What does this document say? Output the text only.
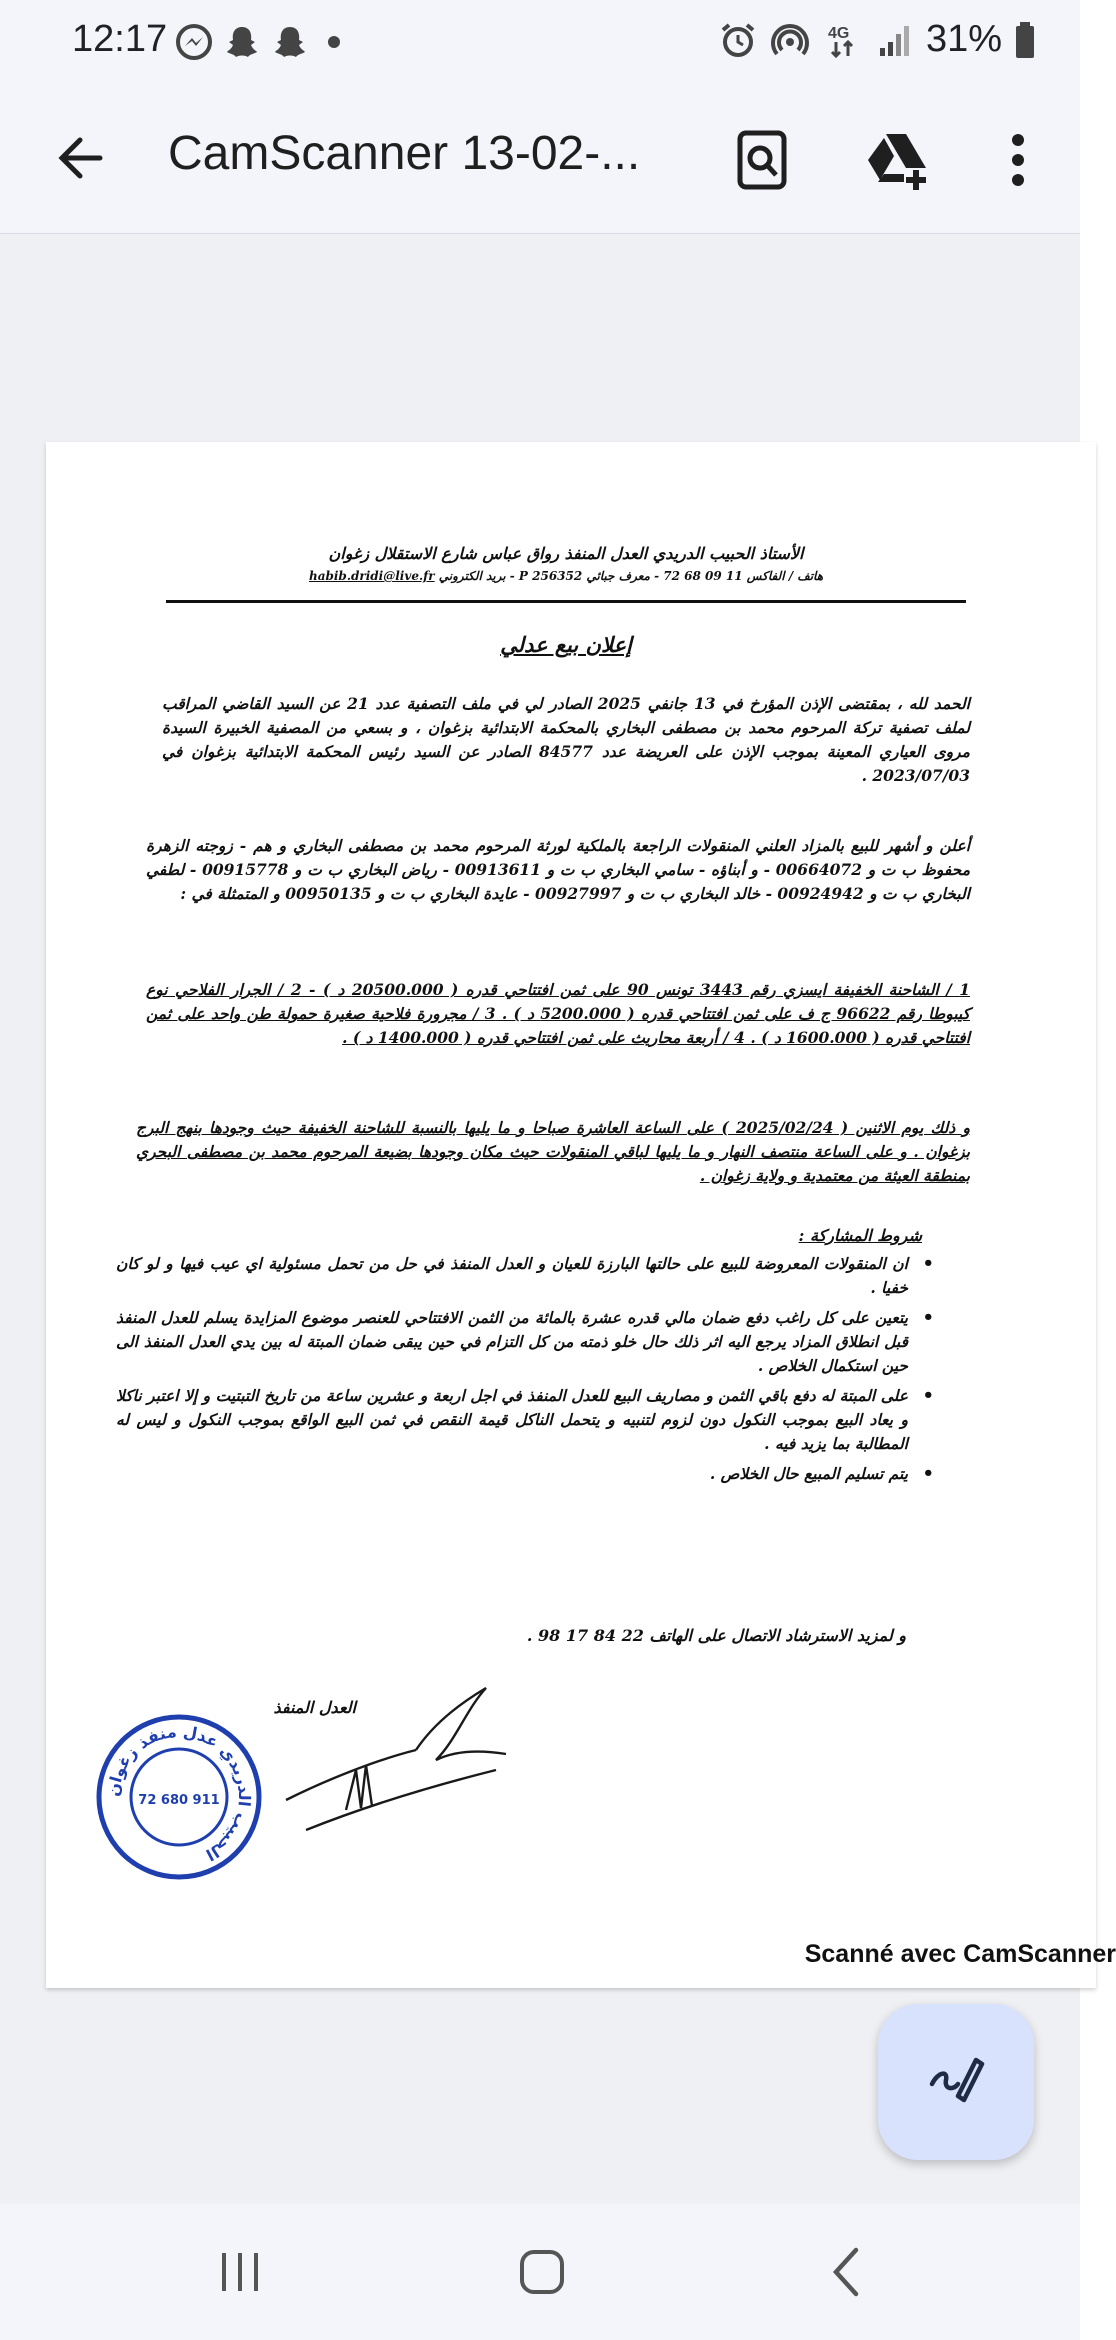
12:17	4G 31%
CamScanner 13-02-...
الأستاذ الحبيب الدريدي العدل المنفذ رواق عباس شارع الاستقلال زغوان
هاتف / الفاكس 11 09 68 72 - معرف جبائي 256352 P - بريد الكتروني habib.dridi@live.fr
إعلان بيع عدلي
الحمد لله ، بمقتضى الإذن المؤرخ في 13 جانفي 2025 الصادر لي في ملف التصفية عدد 21 عن السيد القاضي المراقب لملف تصفية تركة المرحوم محمد بن مصطفى البخاري بالمحكمة الابتدائية بزغوان ، و بسعي من المصفية الخبيرة السيدة مروى العياري المعينة بموجب الإذن على العريضة عدد 84577 الصادر عن السيد رئيس المحكمة الابتدائية بزغوان في 2023/07/03 .
أعلن و أشهر للبيع بالمزاد العلني المنقولات الراجعة بالملكية لورثة المرحوم محمد بن مصطفى البخاري و هم - زوجته الزهرة محفوظ ب ت و 00664072 - و أبناؤه - سامي البخاري ب ت و 00913611 - رياض البخاري ب ت و 00915778 - لطفي البخاري ب ت و 00924942 - خالد البخاري ب ت و 00927997 - عايدة البخاري ب ت و 00950135 و المتمثلة في :
1 / الشاحنة الخفيفة ايسزي رقم 3443 تونس 90 على ثمن افتتاحي قدره ( 20500.000 د ) - 2 / الجرار الفلاحي نوع كيبوطا رقم 96622 ج ف على ثمن افتتاحي قدره ( 5200.000 د ) . 3 / مجرورة فلاحية صغيرة حمولة طن واحد على ثمن افتتاحي قدره ( 1600.000 د ) . 4 / أربعة محاريث على ثمن افتتاحي قدره ( 1400.000 د ) .
و ذلك يوم الاثنين ( 2025/02/24 ) على الساعة العاشرة صباحا و ما يليها بالنسبة للشاحنة الخفيفة حيث وجودها بنهج البرج بزغوان . و على الساعة منتصف النهار و ما يليها لباقي المنقولات حيث مكان وجودها بضيعة المرحوم محمد بن مصطفى البحري بمنطقة العيثة من معتمدية و ولاية زغوان .
شروط المشاركة :
• ان المنقولات المعروضة للبيع على حالتها البارزة للعيان و العدل المنفذ في حل من تحمل مسئولية اي عيب فيها و لو كان خفيا .
• يتعين على كل راغب دفع ضمان مالي قدره عشرة بالمائة من الثمن الافتتاحي للعنصر موضوع المزايدة يسلم للعدل المنفذ قبل انطلاق المزاد يرجع اليه اثر ذلك حال خلو ذمته من كل التزام في حين يبقى ضمان المبتة له بين يدي العدل المنفذ الى حين استكمال الخلاص .
• على المبتة له دفع باقي الثمن و مصاريف البيع للعدل المنفذ في اجل اربعة و عشرين ساعة من تاريخ التبتيت و إلا اعتبر ناكلا و يعاد البيع بموجب النكول دون لزوم لتنبيه و يتحمل الناكل قيمة النقص في ثمن البيع الواقع بموجب النكول و ليس له المطالبة بما يزيد فيه .
• يتم تسليم المبيع حال الخلاص .
و لمزيد الاسترشاد الاتصال على الهاتف 22 84 17 98 .
العدل المنفذ
الحبيب الدريدي عدل منفذ زغوان
72 680 911
Scanné avec CamScanner
